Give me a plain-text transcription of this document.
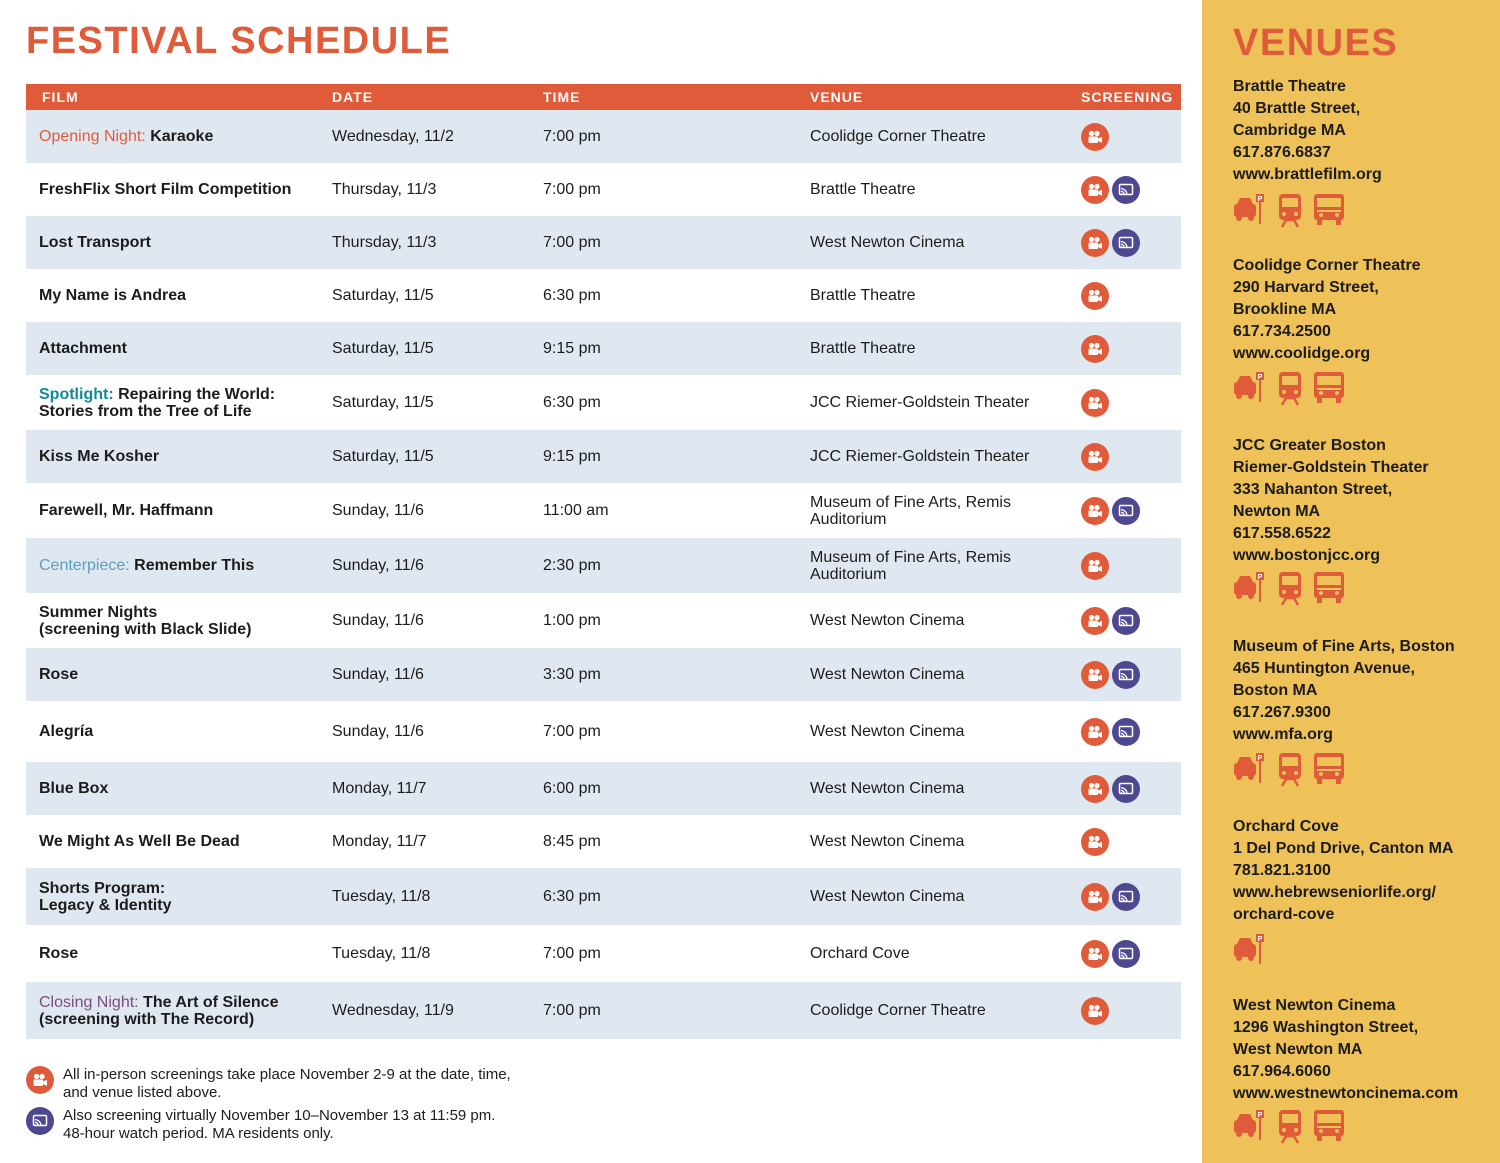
FESTIVAL SCHEDULE
FILM	DATE	TIME	VENUE	SCREENING
Opening Night: Karaoke	Wednesday, 11/2	7:00 pm	Coolidge Corner Theatre
FreshFlix Short Film Competition	Thursday, 11/3	7:00 pm	Brattle Theatre
Lost Transport	Thursday, 11/3	7:00 pm	West Newton Cinema
My Name is Andrea	Saturday, 11/5	6:30 pm	Brattle Theatre
Attachment	Saturday, 11/5	9:15 pm	Brattle Theatre
Spotlight: Repairing the World:
Stories from the Tree of Life	Saturday, 11/5	6:30 pm	JCC Riemer-Goldstein Theater
Kiss Me Kosher	Saturday, 11/5	9:15 pm	JCC Riemer-Goldstein Theater
Farewell, Mr. Haffmann	Sunday, 11/6	11:00 am	Museum of Fine Arts, Remis
Auditorium
Centerpiece: Remember This	Sunday, 11/6	2:30 pm	Museum of Fine Arts, Remis
Auditorium
Summer Nights
(screening with Black Slide)	Sunday, 11/6	1:00 pm	West Newton Cinema
Rose	Sunday, 11/6	3:30 pm	West Newton Cinema
Alegría	Sunday, 11/6	7:00 pm	West Newton Cinema
Blue Box	Monday, 11/7	6:00 pm	West Newton Cinema
We Might As Well Be Dead	Monday, 11/7	8:45 pm	West Newton Cinema
Shorts Program:
Legacy & Identity	Tuesday, 11/8	6:30 pm	West Newton Cinema
Rose	Tuesday, 11/8	7:00 pm	Orchard Cove
Closing Night: The Art of Silence
(screening with The Record)	Wednesday, 11/9	7:00 pm	Coolidge Corner Theatre
All in-person screenings take place November 2-9 at the date, time,
and venue listed above.
Also screening virtually November 10–November 13 at 11:59 pm.
48-hour watch period. MA residents only.
VENUES
Brattle Theatre
40 Brattle Street,
Cambridge MA
617.876.6837
www.brattlefilm.org
P
Coolidge Corner Theatre
290 Harvard Street,
Brookline MA
617.734.2500
www.coolidge.org
P
JCC Greater Boston
Riemer-Goldstein Theater
333 Nahanton Street,
Newton MA
617.558.6522
www.bostonjcc.org
P
Museum of Fine Arts, Boston
465 Huntington Avenue,
Boston MA
617.267.9300
www.mfa.org
P
Orchard Cove
1 Del Pond Drive, Canton MA
781.821.3100
www.hebrewseniorlife.org/
orchard-cove
P
West Newton Cinema
1296 Washington Street,
West Newton MA
617.964.6060
www.westnewtoncinema.com
P
